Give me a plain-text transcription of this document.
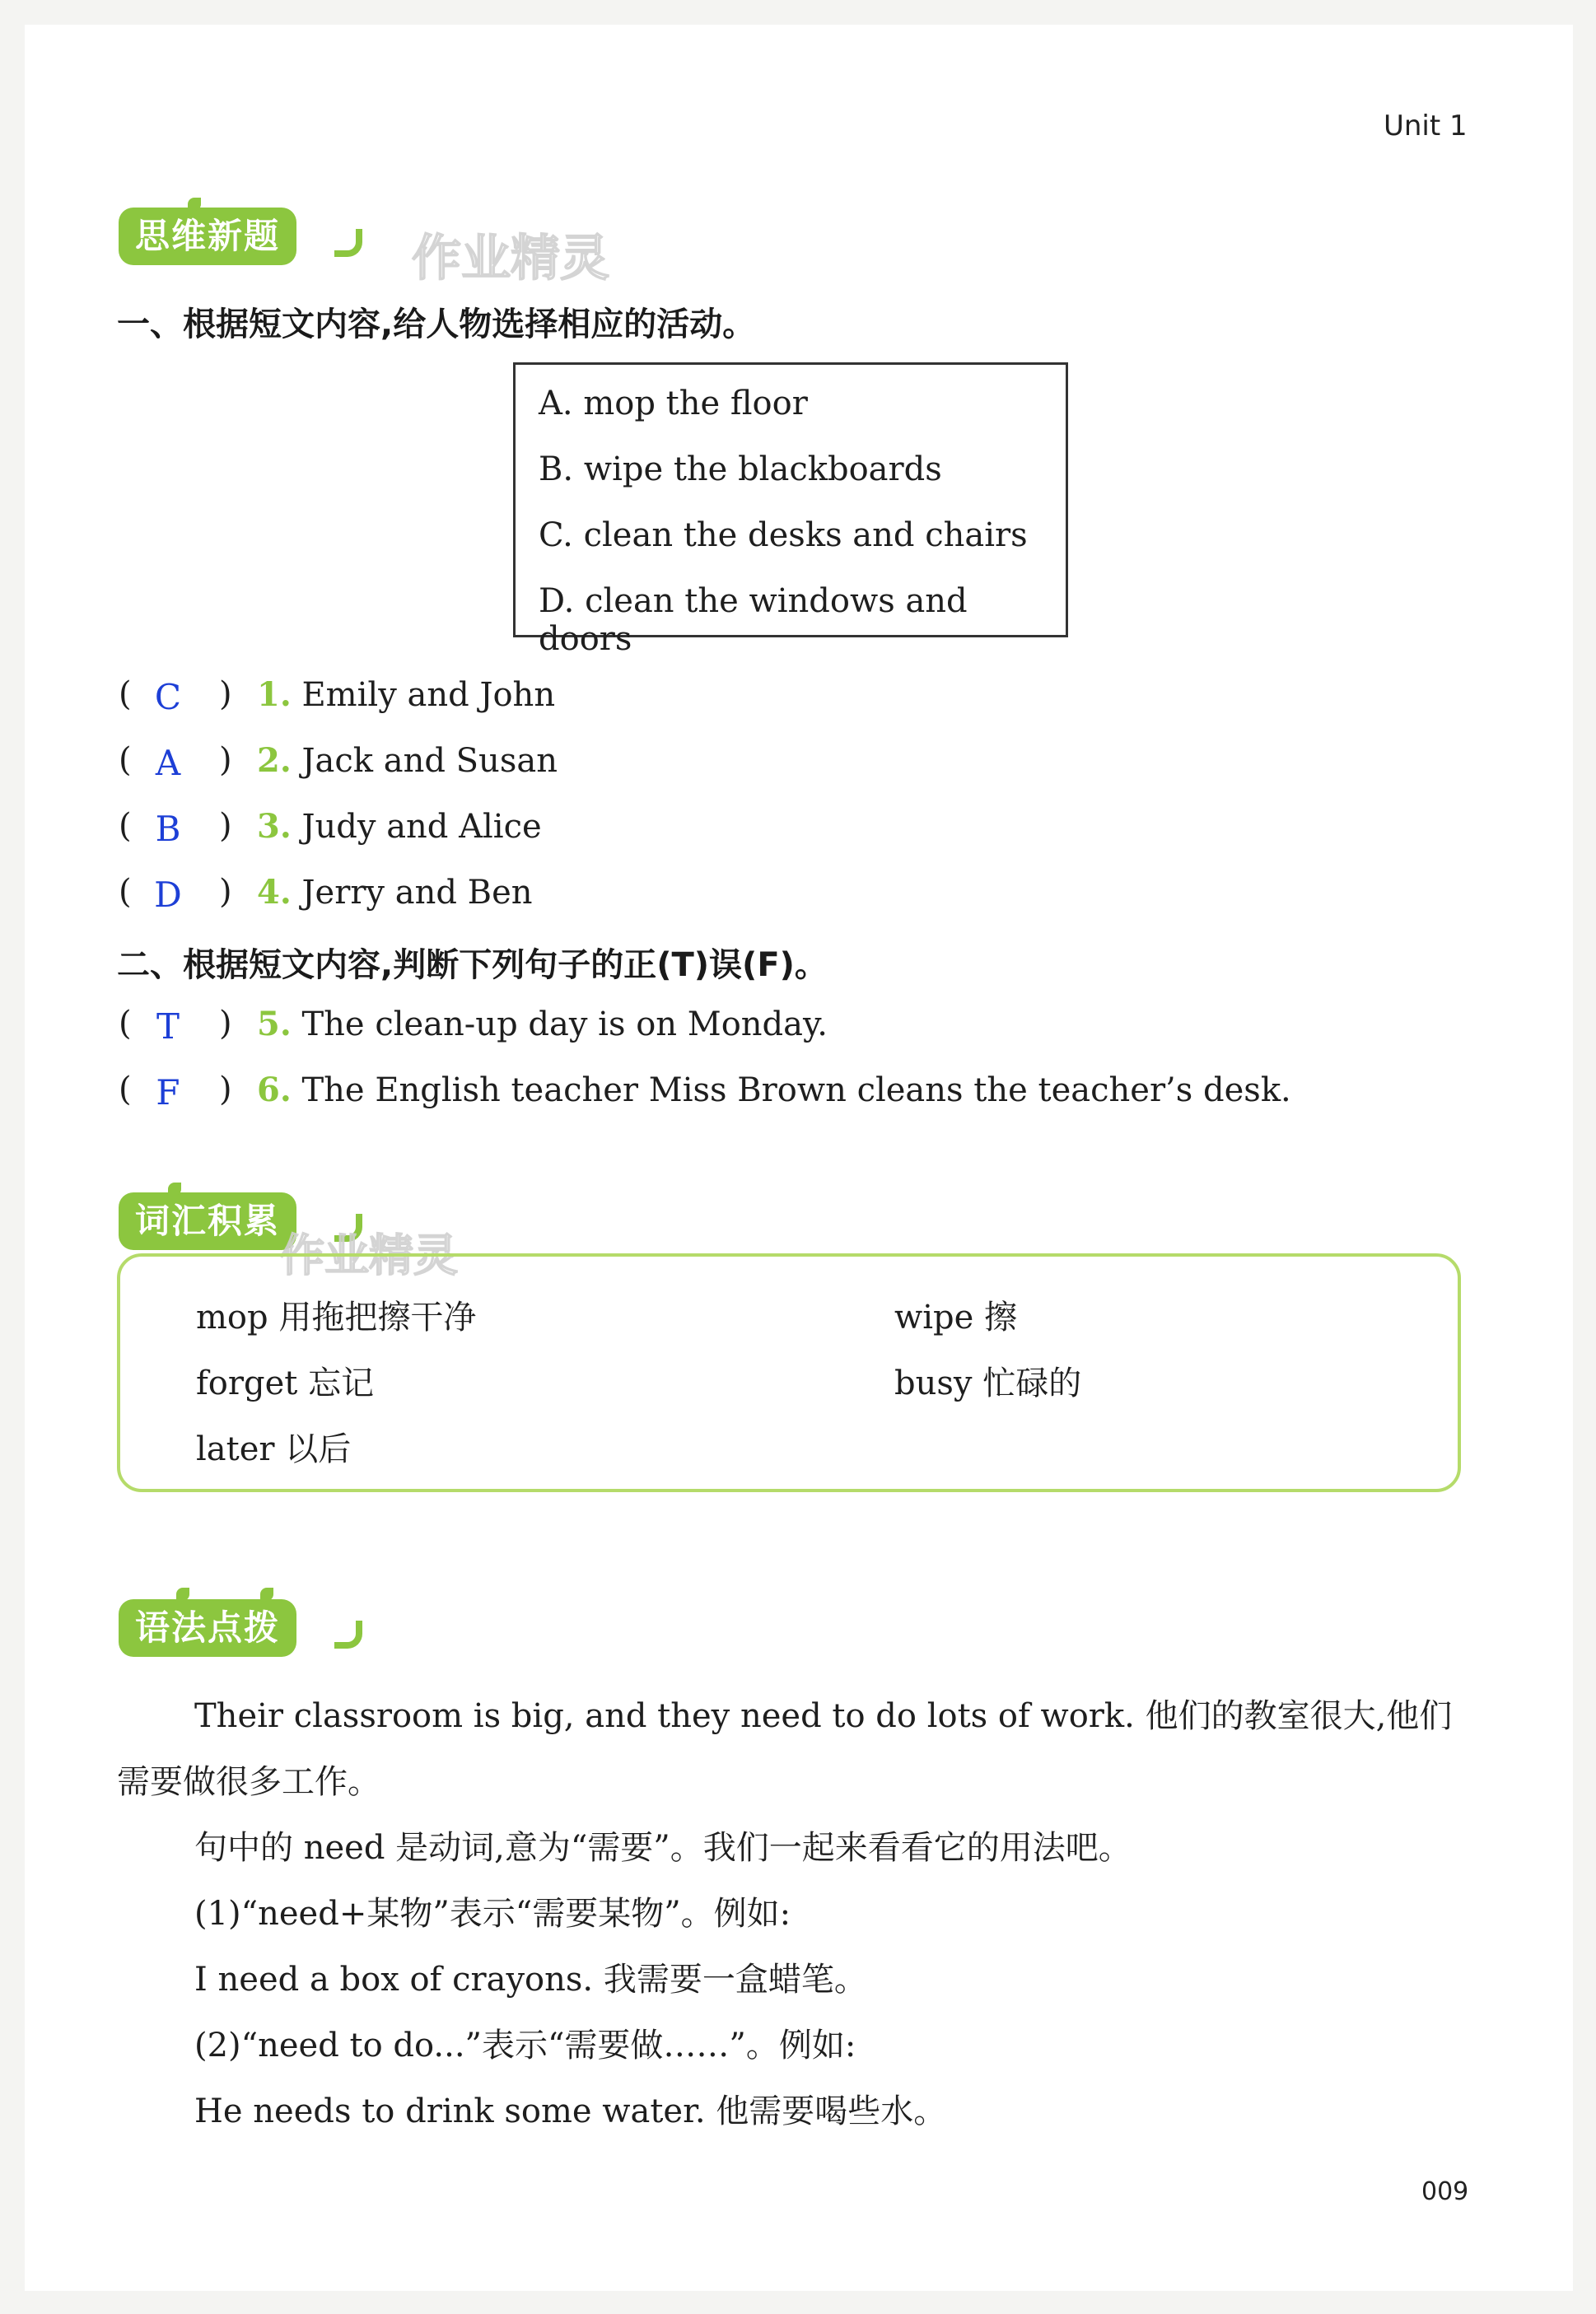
Unit 1
思维新题	作业精灵
一、根据短文内容,给人物选择相应的活动。
A. mop the floor
B. wipe the blackboards
C. clean the desks and chairs
D. clean the windows and doors
( C	) 1. Emily and John
( A	) 2. Jack and Susan
( B	) 3. Judy and Alice
( D	) 4. Jerry and Ben
二、根据短文内容,判断下列句子的正(T)误(F)。
( T	) 5. The clean-up day is on Monday.
( F	) 6. The English teacher Miss Brown cleans the teacher’s desk.
词汇积累
作业精灵
mop 用拖把擦干净	wipe 擦
forget 忘记	busy 忙碌的
later 以后
语法点拨
Their classroom is big, and they need to do lots of work. 他们的教室很大,他们
需要做很多工作。
句中的 need 是动词,意为“需要”。我们一起来看看它的用法吧。
(1)“need+某物”表示“需要某物”。例如:
I need a box of crayons. 我需要一盒蜡笔。
(2)“need to do...”表示“需要做……”。例如:
He needs to drink some water. 他需要喝些水。
009
